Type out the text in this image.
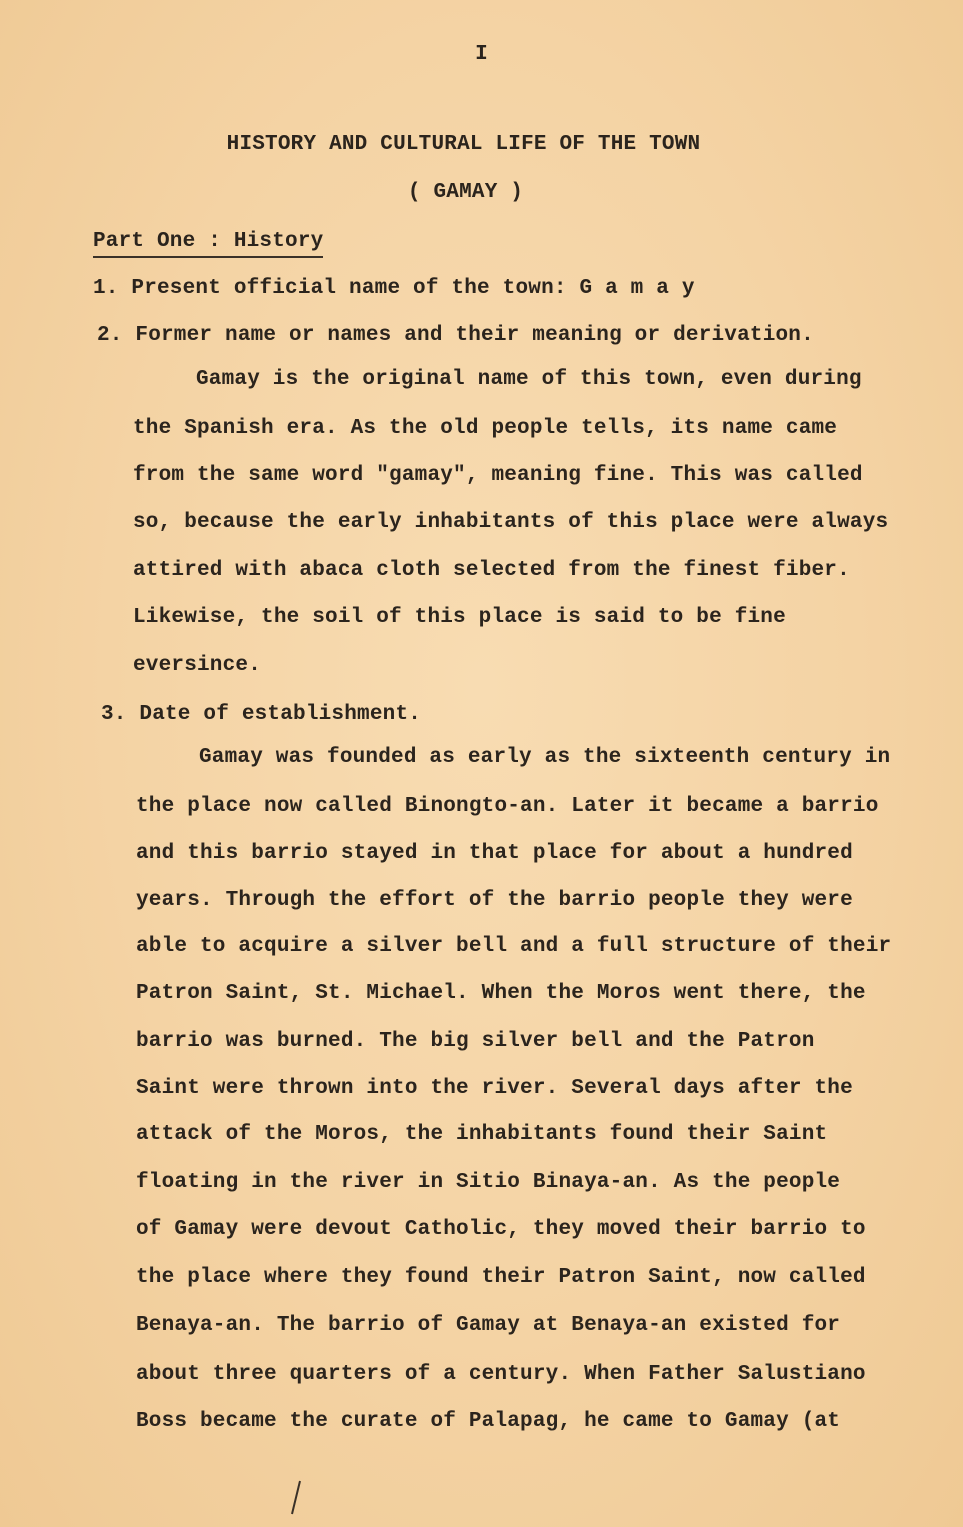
I
HISTORY AND CULTURAL LIFE OF THE TOWN
( GAMAY )
Part One : History
1. Present official name of the town: G a m a y
2. Former name or names and their meaning or derivation.
Gamay is the original name of this town, even during
the Spanish era. As the old people tells, its name came
from the same word "gamay", meaning fine. This was called
so, because the early inhabitants of this place were always
attired with abaca cloth selected from the finest fiber.
Likewise, the soil of this place is said to be fine
eversince.
3. Date of establishment.
Gamay was founded as early as the sixteenth century in
the place now called Binongto-an. Later it became a barrio
and this barrio stayed in that place for about a hundred
years. Through the effort of the barrio people they were
able to acquire a silver bell and a full structure of their
Patron Saint, St. Michael. When the Moros went there, the
barrio was burned. The big silver bell and the Patron
Saint were thrown into the river. Several days after the
attack of the Moros, the inhabitants found their Saint
floating in the river in Sitio Binaya-an. As the people
of Gamay were devout Catholic, they moved their barrio to
the place where they found their Patron Saint, now called
Benaya-an. The barrio of Gamay at Benaya-an existed for
about three quarters of a century. When Father Salustiano
Boss became the curate of Palapag, he came to Gamay (at
